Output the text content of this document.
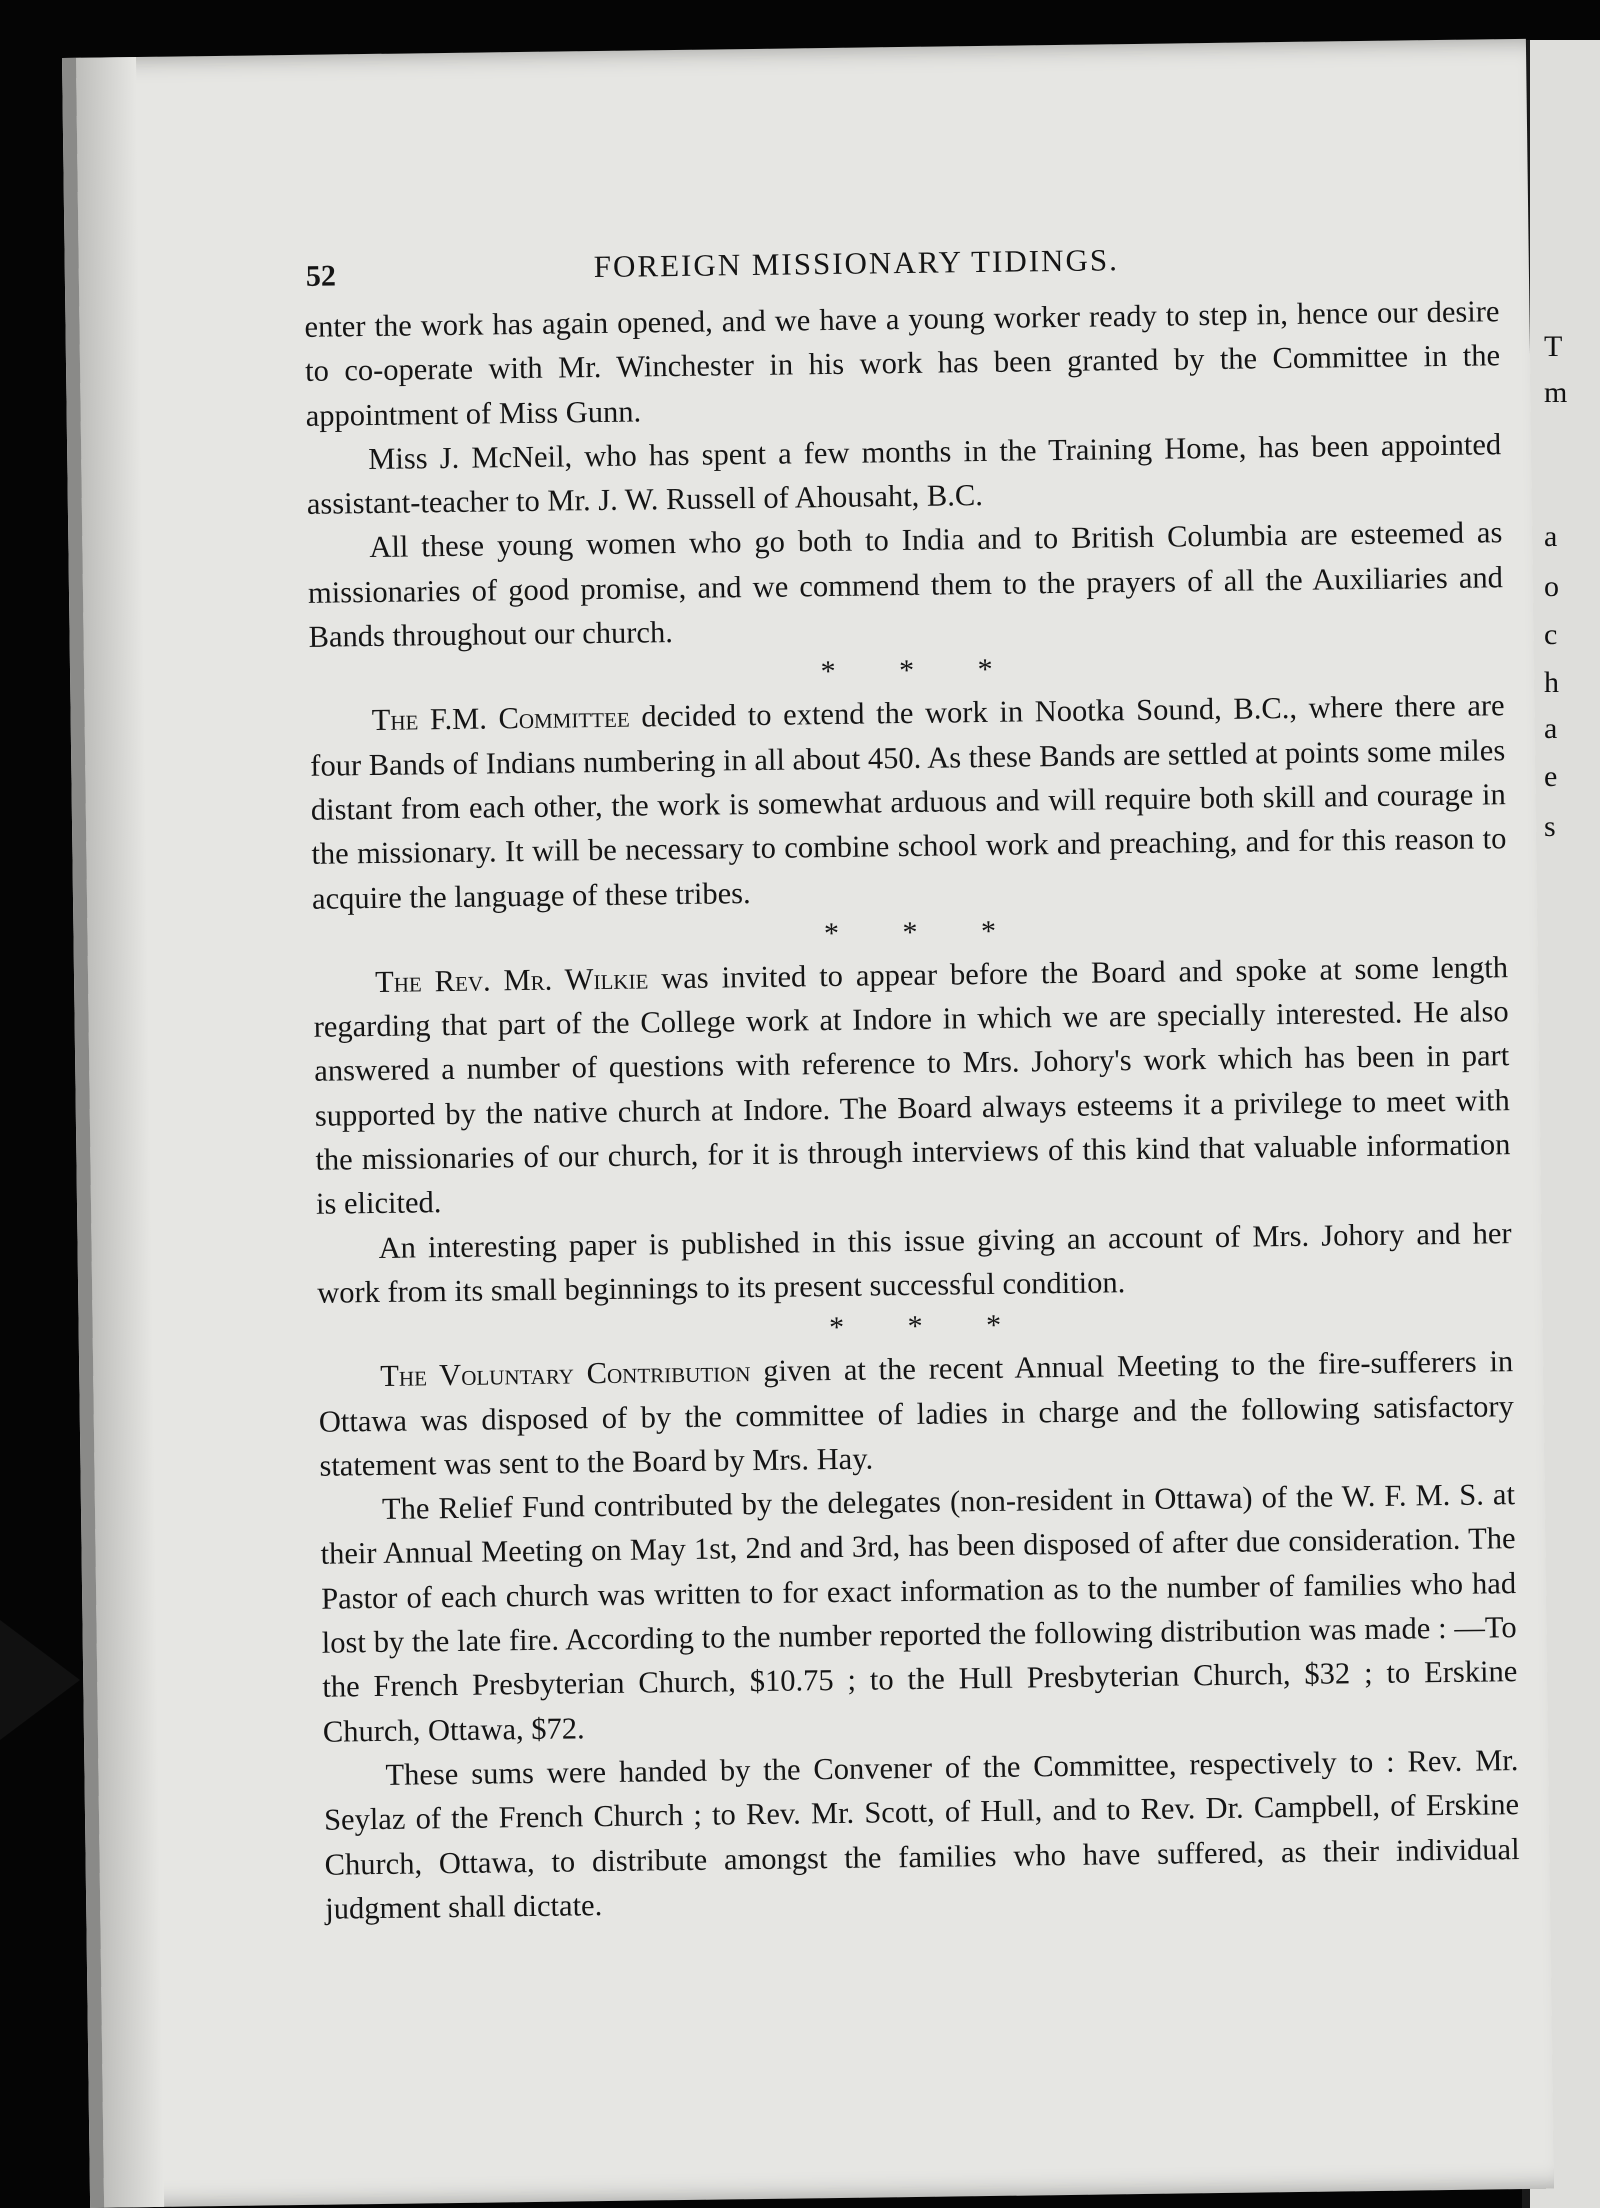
T
m
a
o
c
h
a
e
s
52	FOREIGN MISSIONARY TIDINGS.

enter the work has again opened, and we have a young worker ready to step in, hence our desire to co-operate with Mr. Winchester in his work has been granted by the Committee in the appointment of Miss Gunn.

Miss J. McNeil, who has spent a few months in the Training Home, has been appointed assistant-teacher to Mr. J. W. Russell of Ahousaht, B.C.

All these young women who go both to India and to British Columbia are esteemed as missionaries of good promise, and we commend them to the prayers of all the Auxiliaries and Bands throughout our church.

* * *

The F.M. Committee decided to extend the work in Nootka Sound, B.C., where there are four Bands of Indians numbering in all about 450. As these Bands are settled at points some miles distant from each other, the work is somewhat arduous and will require both skill and courage in the missionary. It will be necessary to combine school work and preaching, and for this reason to acquire the language of these tribes.

* * *

The Rev. Mr. Wilkie was invited to appear before the Board and spoke at some length regarding that part of the College work at Indore in which we are specially interested. He also answered a number of questions with reference to Mrs. Johory's work which has been in part supported by the native church at Indore. The Board always esteems it a privilege to meet with the missionaries of our church, for it is through interviews of this kind that valuable information is elicited.

An interesting paper is published in this issue giving an account of Mrs. Johory and her work from its small beginnings to its present successful condition.

* * *

The Voluntary Contribution given at the recent Annual Meeting to the fire-sufferers in Ottawa was disposed of by the committee of ladies in charge and the following satisfactory statement was sent to the Board by Mrs. Hay.

The Relief Fund contributed by the delegates (non-resident in Ottawa) of the W. F. M. S. at their Annual Meeting on May 1st, 2nd and 3rd, has been disposed of after due consideration. The Pastor of each church was written to for exact information as to the number of families who had lost by the late fire. According to the number reported the following distribution was made : —To the French Presbyterian Church, $10.75 ; to the Hull Presbyterian Church, $32 ; to Erskine Church, Ottawa, $72.

These sums were handed by the Convener of the Committee, respectively to : Rev. Mr. Seylaz of the French Church ; to Rev. Mr. Scott, of Hull, and to Rev. Dr. Campbell, of Erskine Church, Ottawa, to distribute amongst the families who have suffered, as their individual judgment shall dictate.
